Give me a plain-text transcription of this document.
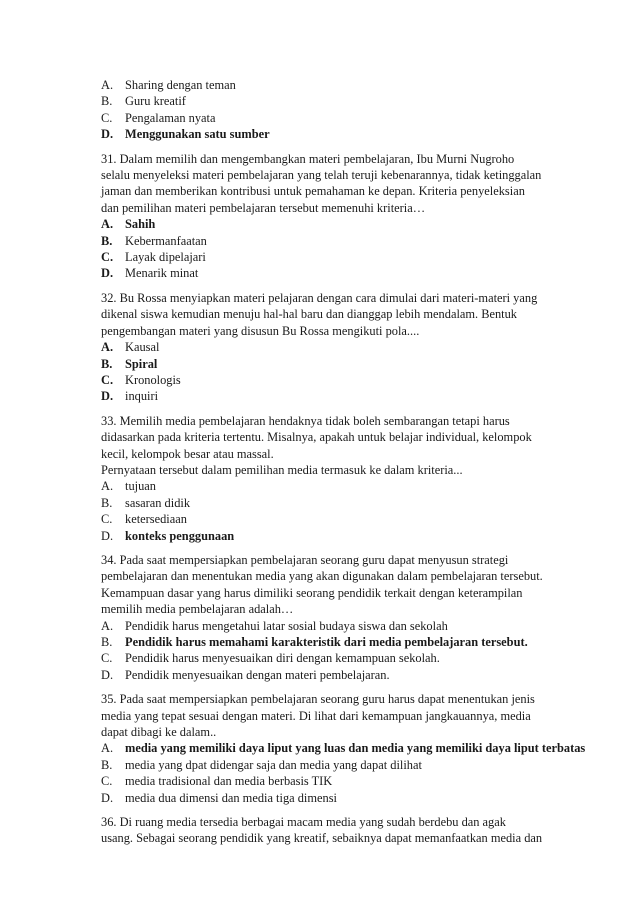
A. Sharing dengan teman
B.	Guru kreatif
C.	Pengalaman nyata
D. Menggunakan satu sumber
31. Dalam memilih dan mengembangkan materi pembelajaran, Ibu Murni Nugroho
selalu menyeleksi materi pembelajaran yang telah teruji kebenarannya, tidak ketinggalan
jaman dan memberikan kontribusi untuk pemahaman ke depan. Kriteria penyeleksian
dan pemilihan materi pembelajaran tersebut memenuhi kriteria…
A. Sahih
B.	Kebermanfaatan
C. Layak dipelajari
D. Menarik minat
32. Bu Rossa menyiapkan materi pelajaran dengan cara dimulai dari materi-materi yang
dikenal siswa kemudian menuju hal-hal baru dan dianggap lebih mendalam. Bentuk
pengembangan materi yang disusun Bu Rossa mengikuti pola....
A. Kausal
B.	Spiral
C. Kronologis
D. inquiri
33. Memilih media pembelajaran hendaknya tidak boleh sembarangan tetapi harus
didasarkan pada kriteria tertentu. Misalnya, apakah untuk belajar individual, kelompok
kecil, kelompok besar atau massal.
Pernyataan tersebut dalam pemilihan media termasuk ke dalam kriteria...
A. tujuan
B.	sasaran didik
C.	ketersediaan
D. konteks penggunaan
34. Pada saat mempersiapkan pembelajaran seorang guru dapat menyusun strategi
pembelajaran dan menentukan media yang akan digunakan dalam pembelajaran tersebut.
Kemampuan dasar yang harus dimiliki seorang pendidik terkait dengan keterampilan
memilih media pembelajaran adalah…
A. Pendidik harus mengetahui latar sosial budaya siswa dan sekolah
B.	Pendidik harus memahami karakteristik dari media pembelajaran tersebut.
C.	Pendidik harus menyesuaikan diri dengan kemampuan sekolah.
D. Pendidik menyesuaikan dengan materi pembelajaran.
35. Pada saat mempersiapkan pembelajaran seorang guru harus dapat menentukan jenis
media yang tepat sesuai dengan materi. Di lihat dari kemampuan jangkauannya, media
dapat dibagi ke dalam..
A. media yang memiliki daya liput yang luas dan media yang memiliki daya liput terbatas
B.	media yang dpat didengar saja dan media yang dapat dilihat
C.	media tradisional dan media berbasis TIK
D. media dua dimensi dan media tiga dimensi
36. Di ruang media tersedia berbagai macam media yang sudah berdebu dan agak
usang. Sebagai seorang pendidik yang kreatif, sebaiknya dapat memanfaatkan media dan
